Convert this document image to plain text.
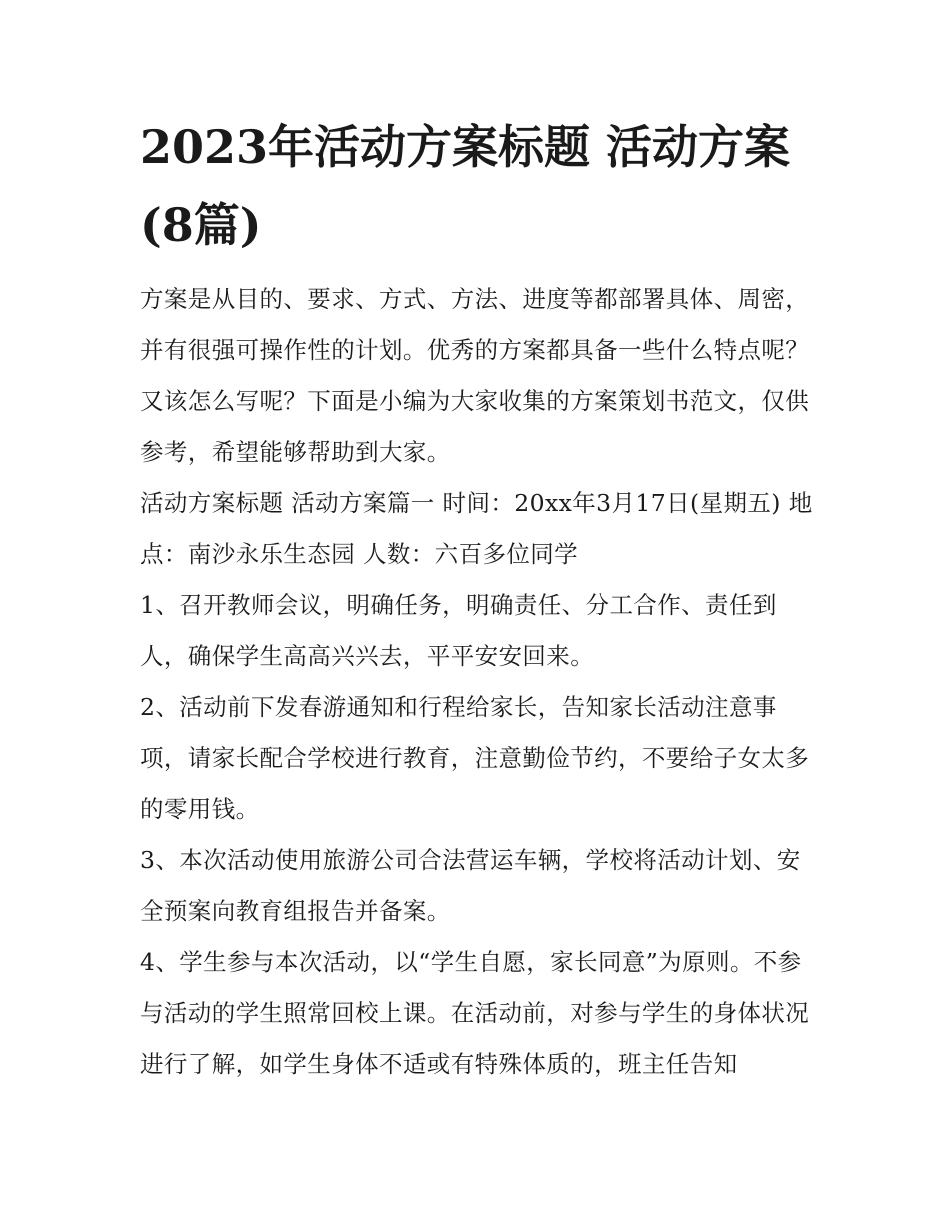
2023年活动方案标题 活动方案(8篇)

方案是从目的、要求、方式、方法、进度等都部署具体、周密，并有很强可操作性的计划。优秀的方案都具备一些什么特点呢？又该怎么写呢？下面是小编为大家收集的方案策划书范文，仅供参考，希望能够帮助到大家。

活动方案标题 活动方案篇一 时间：20xx年3月17日(星期五) 地点：南沙永乐生态园 人数：六百多位同学

1、召开教师会议，明确任务，明确责任、分工合作、责任到人，确保学生高高兴兴去，平平安安回来。

2、活动前下发春游通知和行程给家长，告知家长活动注意事项，请家长配合学校进行教育，注意勤俭节约，不要给子女太多的零用钱。

3、本次活动使用旅游公司合法营运车辆，学校将活动计划、安全预案向教育组报告并备案。

4、学生参与本次活动，以“学生自愿，家长同意”为原则。不参与活动的学生照常回校上课。在活动前，对参与学生的身体状况进行了解，如学生身体不适或有特殊体质的，班主任告知
